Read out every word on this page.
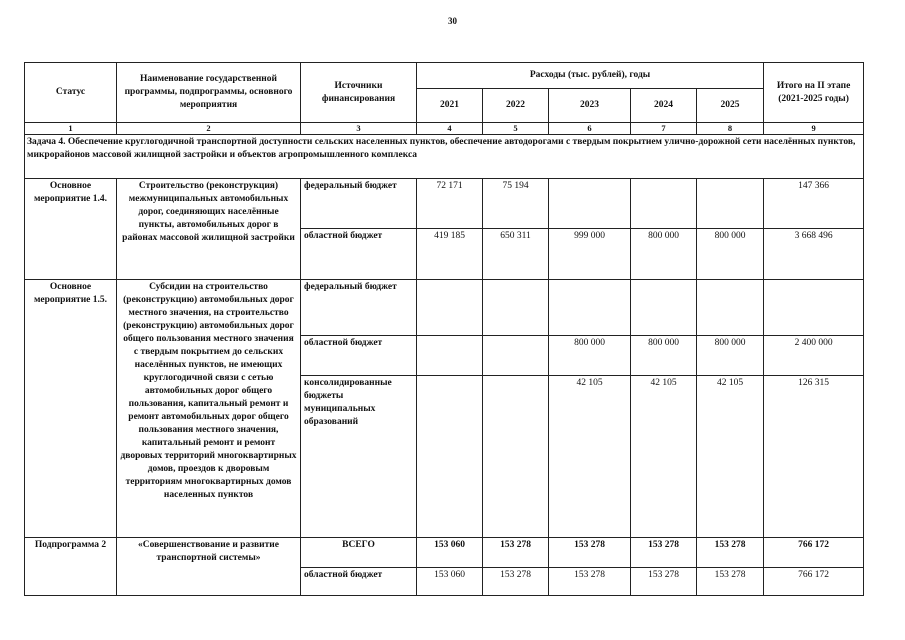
30
Статус	Наименование государственной программы, подпрограммы, основного мероприятия	Источники финансирования	Расходы (тыс. рублей), годы					Итого на II этапе (2021-2025 годы)
			2021	2022	2023	2024	2025	
1	2	3	4	5	6	7	8	9
Задача 4. Обеспечение круглогодичной транспортной доступности сельских населенных пунктов, обеспечение автодорогами с твердым покрытием улично-дорожной сети населённых пунктов, микрорайонов массовой жилищной застройки и объектов агропромышленного комплекса								
Основное мероприятие 1.4.	Строительство (реконструкция) межмуниципальных автомобильных дорог, соединяющих населённые пункты, автомобильных дорог в районах массовой жилищной застройки	федеральный бюджет	72 171	75 194				147 366
		областной бюджет	419 185	650 311	999 000	800 000	800 000	3 668 496
Основное мероприятие 1.5.	Субсидии на строительство (реконструкцию) автомобильных дорог местного значения, на строительство (реконструкцию) автомобильных дорог общего пользования местного значения с твердым покрытием до сельских населённых пунктов, не имеющих круглогодичной связи с сетью автомобильных дорог общего пользования, капитальный ремонт и ремонт автомобильных дорог общего пользования местного значения, капитальный ремонт и ремонт дворовых территорий многоквартирных домов, проездов к дворовым территориям многоквартирных домов населенных пунктов	федеральный бюджет						
		областной бюджет			800 000	800 000	800 000	2 400 000
		консолидированные бюджеты муниципальных образований			42 105	42 105	42 105	126 315
Подпрограмма 2	«Совершенствование и развитие транспортной системы»	ВСЕГО	153 060	153 278	153 278	153 278	153 278	766 172
		областной бюджет	153 060	153 278	153 278	153 278	153 278	766 172
